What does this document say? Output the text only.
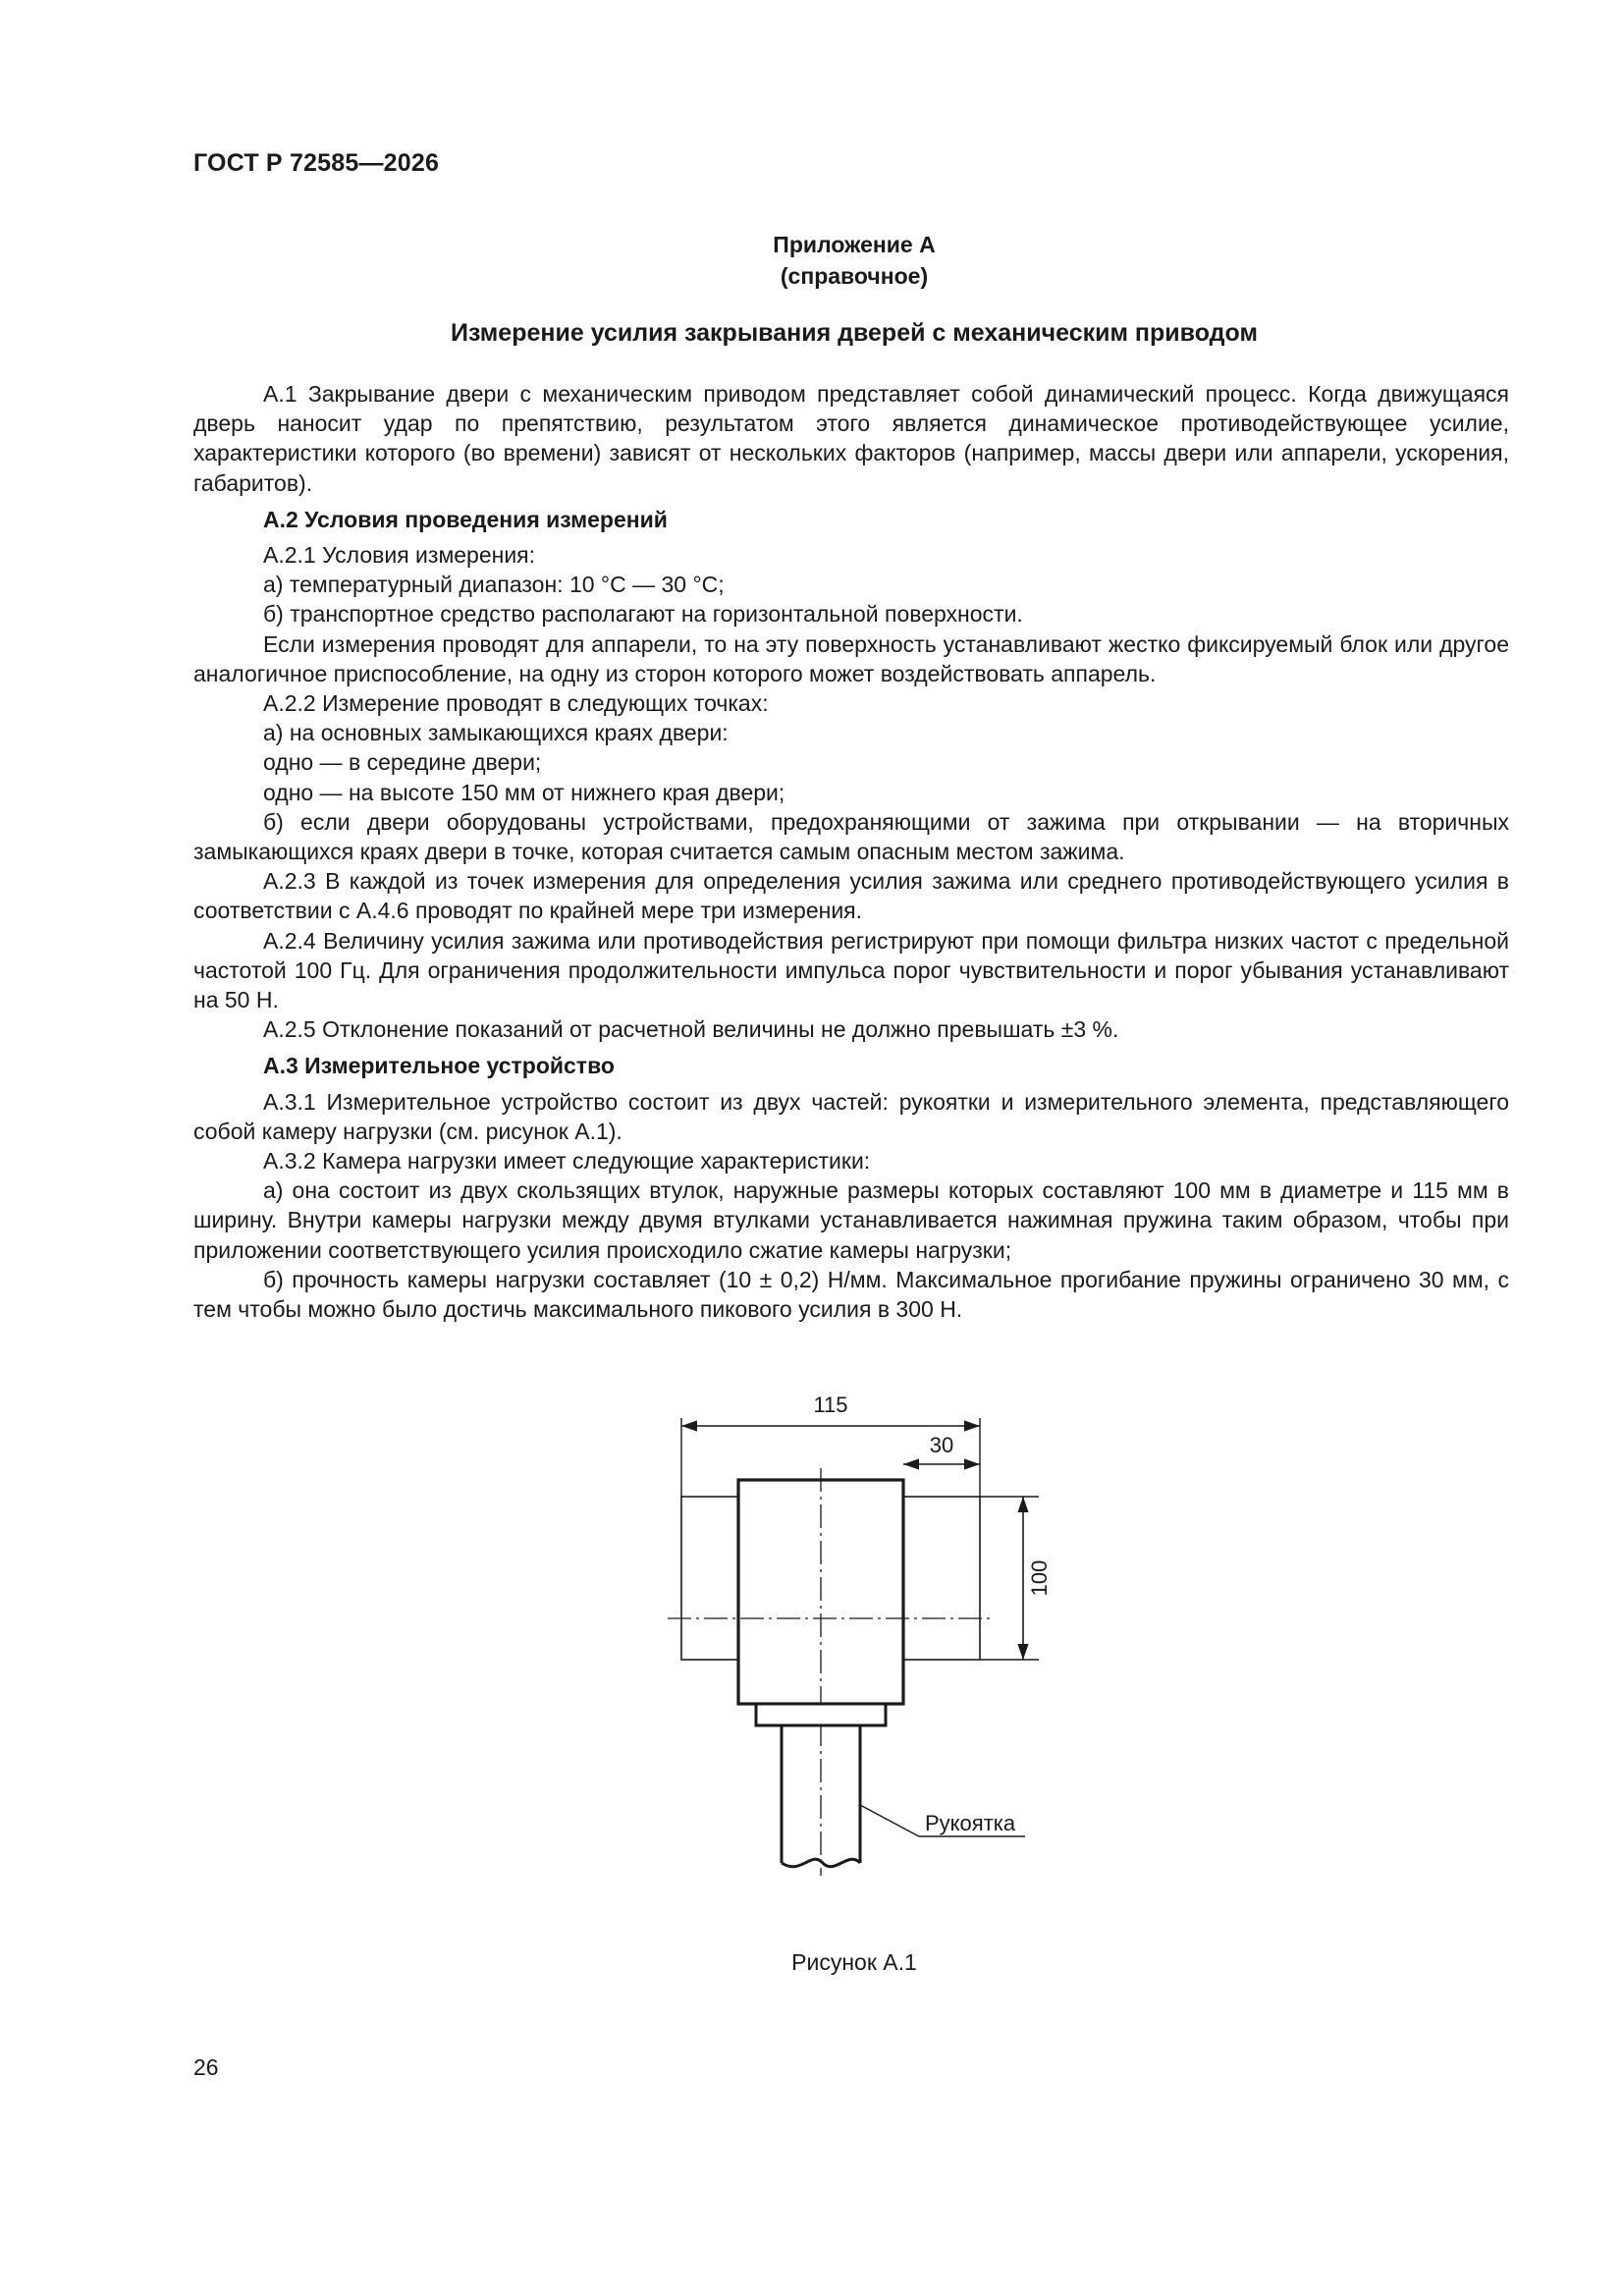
ГОСТ Р 72585—2026
Приложение А
(справочное)
Измерение усилия закрывания дверей с механическим приводом

А.1 Закрывание двери с механическим приводом представляет собой динамический процесс. Когда движущаяся дверь наносит удар по препятствию, результатом этого является динамическое противодействующее усилие, характеристики которого (во времени) зависят от нескольких факторов (например, массы двери или аппарели, ускорения, габаритов).

А.2 Условия проведения измерений

А.2.1 Условия измерения:

а) температурный диапазон: 10 °С — 30 °С;

б) транспортное средство располагают на горизонтальной поверхности.

Если измерения проводят для аппарели, то на эту поверхность устанавливают жестко фиксируемый блок или другое аналогичное приспособление, на одну из сторон которого может воздействовать аппарель.

А.2.2 Измерение проводят в следующих точках:

а) на основных замыкающихся краях двери:

одно — в середине двери;

одно — на высоте 150 мм от нижнего края двери;

б) если двери оборудованы устройствами, предохраняющими от зажима при открывании — на вторичных замыкающихся краях двери в точке, которая считается самым опасным местом зажима.

А.2.3 В каждой из точек измерения для определения усилия зажима или среднего противодействующего усилия в соответствии с А.4.6 проводят по крайней мере три измерения.

А.2.4 Величину усилия зажима или противодействия регистрируют при помощи фильтра низких частот с предельной частотой 100 Гц. Для ограничения продолжительности импульса порог чувствительности и порог убывания устанавливают на 50 Н.

А.2.5 Отклонение показаний от расчетной величины не должно превышать ±3 %.

А.3 Измерительное устройство

А.3.1 Измерительное устройство состоит из двух частей: рукоятки и измерительного элемента, представляющего собой камеру нагрузки (см. рисунок А.1).

А.3.2 Камера нагрузки имеет следующие характеристики:

а) она состоит из двух скользящих втулок, наружные размеры которых составляют 100 мм в диаметре и 115 мм в ширину. Внутри камеры нагрузки между двумя втулками устанавливается нажимная пружина таким образом, чтобы при приложении соответствующего усилия происходило сжатие камеры нагрузки;

б) прочность камеры нагрузки составляет (10 ± 0,2) Н/мм. Максимальное прогибание пружины ограничено 30 мм, с тем чтобы можно было достичь максимального пикового усилия в 300 Н.

115
30
100
Рукоятка
Рисунок А.1
26
